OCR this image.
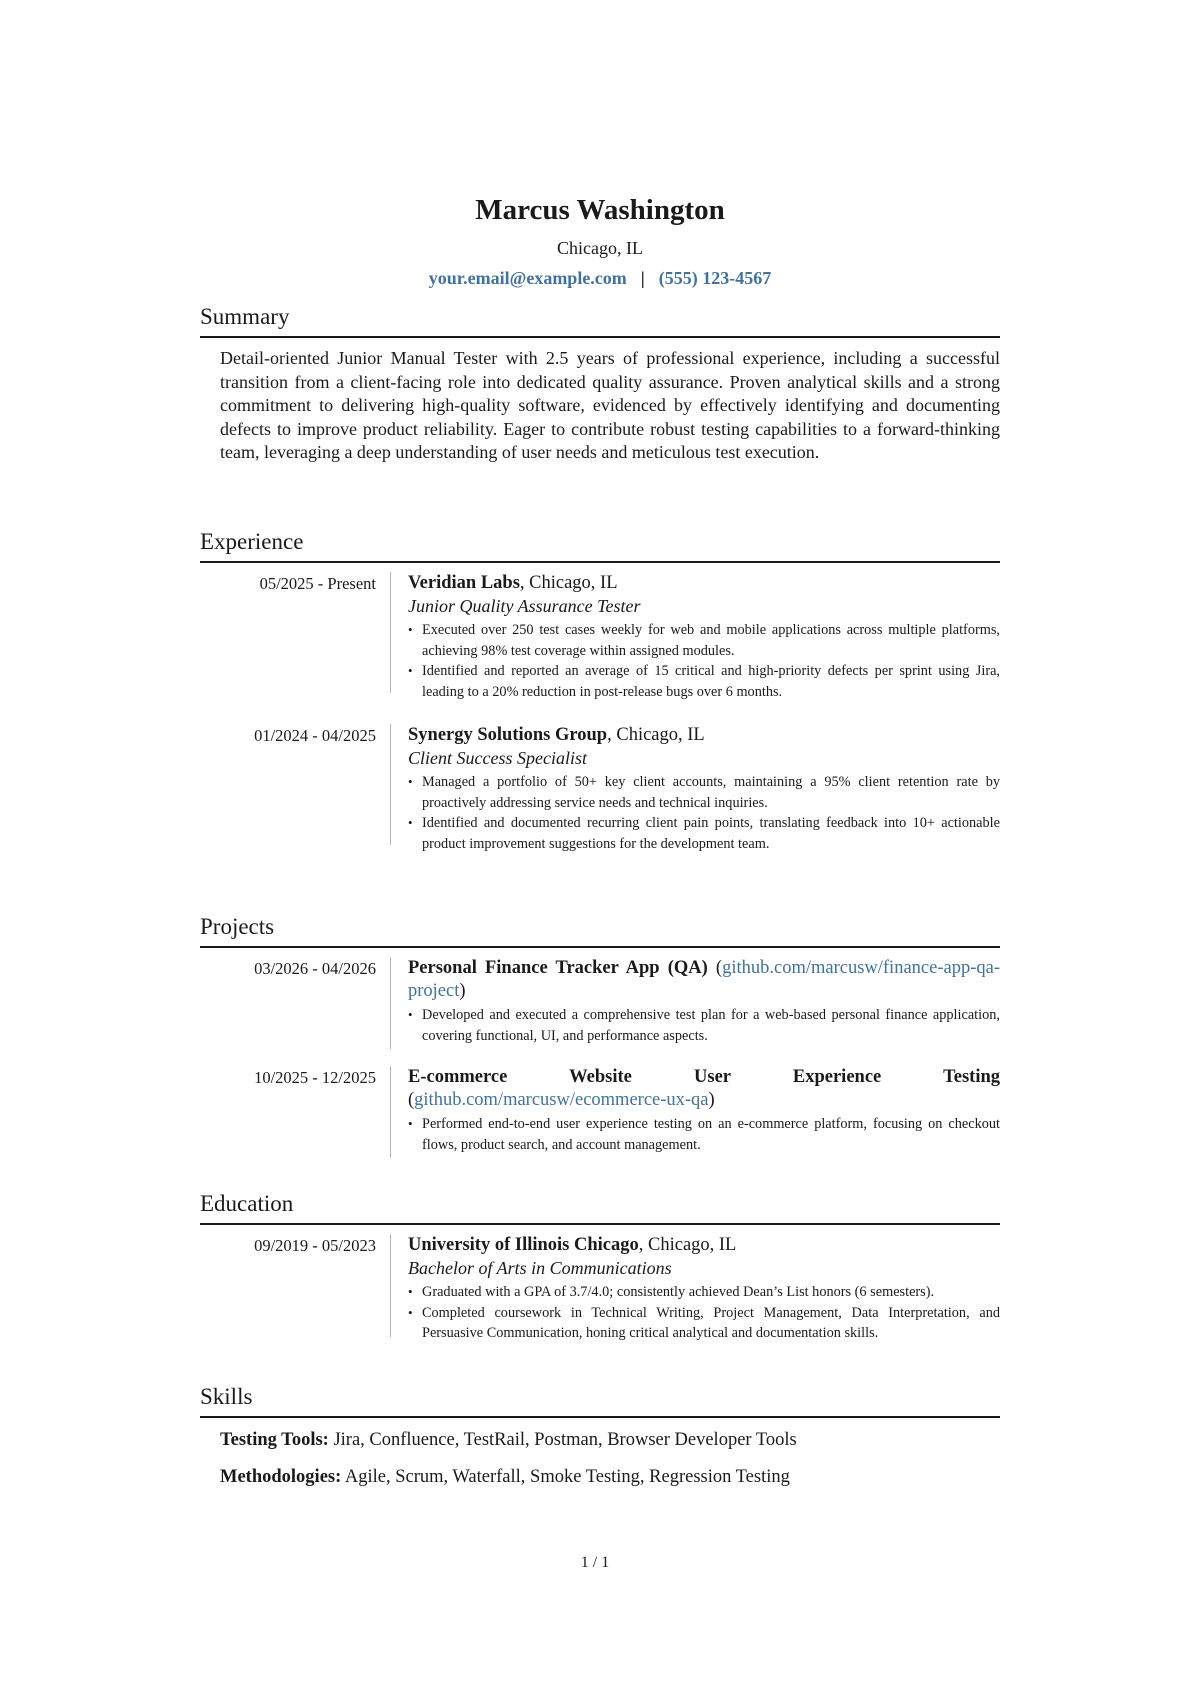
Marcus Washington
Chicago, IL
your.email@example.com | (555) 123-4567
Summary
Detail-oriented Junior Manual Tester with 2.5 years of professional experience, including a successful transition from a client-facing role into dedicated quality assurance. Proven analytical skills and a strong commitment to delivering high-quality software, evidenced by effectively identifying and documenting defects to improve product reliability. Eager to contribute robust testing capabilities to a forward-thinking team, leveraging a deep understanding of user needs and meticulous test execution.
Experience
05/2025 - Present Veridian Labs, Chicago, IL
Junior Quality Assurance Tester
• Executed over 250 test cases weekly for web and mobile applications across multiple platforms, achieving 98% test coverage within assigned modules.
• Identified and reported an average of 15 critical and high-priority defects per sprint using Jira, leading to a 20% reduction in post-release bugs over 6 months.
01/2024 - 04/2025 Synergy Solutions Group, Chicago, IL
Client Success Specialist
• Managed a portfolio of 50+ key client accounts, maintaining a 95% client retention rate by proactively addressing service needs and technical inquiries.
• Identified and documented recurring client pain points, translating feedback into 10+ actionable product improvement suggestions for the development team.
Projects
03/2026 - 04/2026 Personal Finance Tracker App (QA) (github.com/marcusw/finance-app-qa-project)
• Developed and executed a comprehensive test plan for a web-based personal finance application, covering functional, UI, and performance aspects.
10/2025 - 12/2025 E-commerce Website User Experience Testing (github.com/marcusw/ecommerce-ux-qa)
• Performed end-to-end user experience testing on an e-commerce platform, focusing on checkout flows, product search, and account management.
Education
09/2019 - 05/2023 University of Illinois Chicago, Chicago, IL
Bachelor of Arts in Communications
• Graduated with a GPA of 3.7/4.0; consistently achieved Dean’s List honors (6 semesters).
• Completed coursework in Technical Writing, Project Management, Data Interpretation, and Persuasive Communication, honing critical analytical and documentation skills.
Skills
Testing Tools: Jira, Confluence, TestRail, Postman, Browser Developer Tools
Methodologies: Agile, Scrum, Waterfall, Smoke Testing, Regression Testing
1 / 1
